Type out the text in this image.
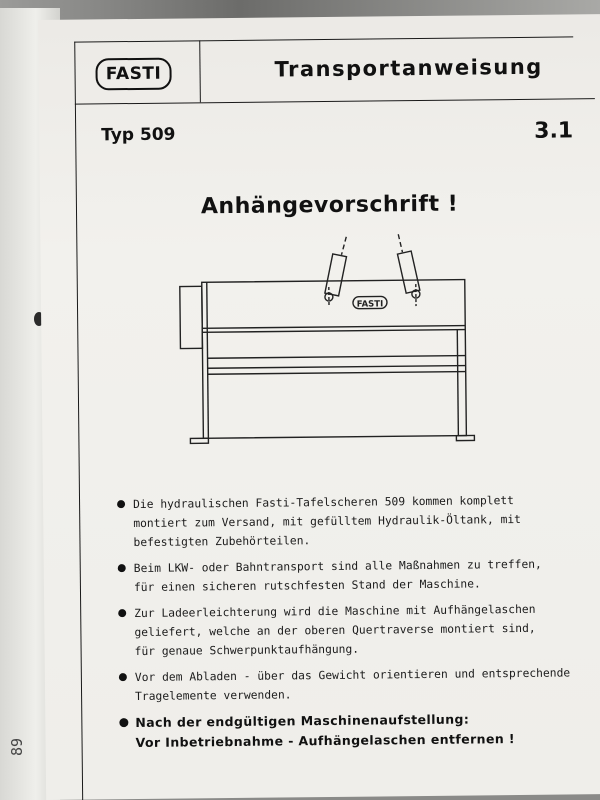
89
FASTI	Transportanweisung
Typ 509	3.1
Anhängevorschrift !
FASTI
Die hydraulischen Fasti-Tafelscheren 509 kommen komplett
montiert zum Versand, mit gefülltem Hydraulik-Öltank, mit
befestigten Zubehörteilen.
Beim LKW- oder Bahntransport sind alle Maßnahmen zu treffen,
für einen sicheren rutschfesten Stand der Maschine.
Zur Ladeerleichterung wird die Maschine mit Aufhängelaschen
geliefert, welche an der oberen Quertraverse montiert sind,
für genaue Schwerpunktaufhängung.
Vor dem Abladen - über das Gewicht orientieren und entsprechende
Tragelemente verwenden.
Nach der endgültigen Maschinenaufstellung:
Vor Inbetriebnahme - Aufhängelaschen entfernen !
